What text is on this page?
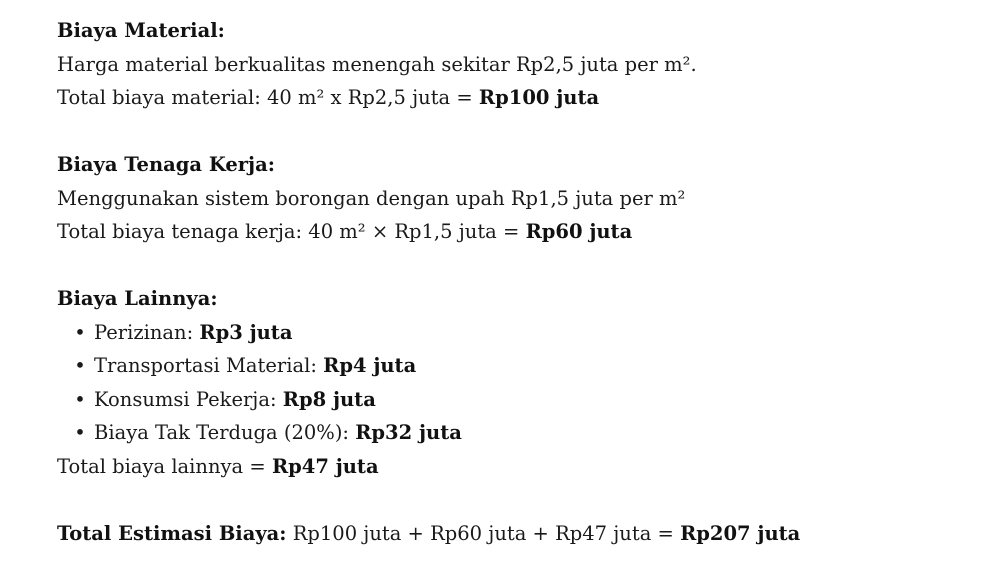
Biaya Material:
Harga material berkualitas menengah sekitar Rp2,5 juta per m².
Total biaya material: 40 m² x Rp2,5 juta = Rp100 juta
Biaya Tenaga Kerja:
Menggunakan sistem borongan dengan upah Rp1,5 juta per m²
Total biaya tenaga kerja: 40 m² × Rp1,5 juta = Rp60 juta
Biaya Lainnya:
• Perizinan: Rp3 juta
• Transportasi Material: Rp4 juta
• Konsumsi Pekerja: Rp8 juta
• Biaya Tak Terduga (20%): Rp32 juta
Total biaya lainnya = Rp47 juta
Total Estimasi Biaya: Rp100 juta + Rp60 juta + Rp47 juta = Rp207 juta
